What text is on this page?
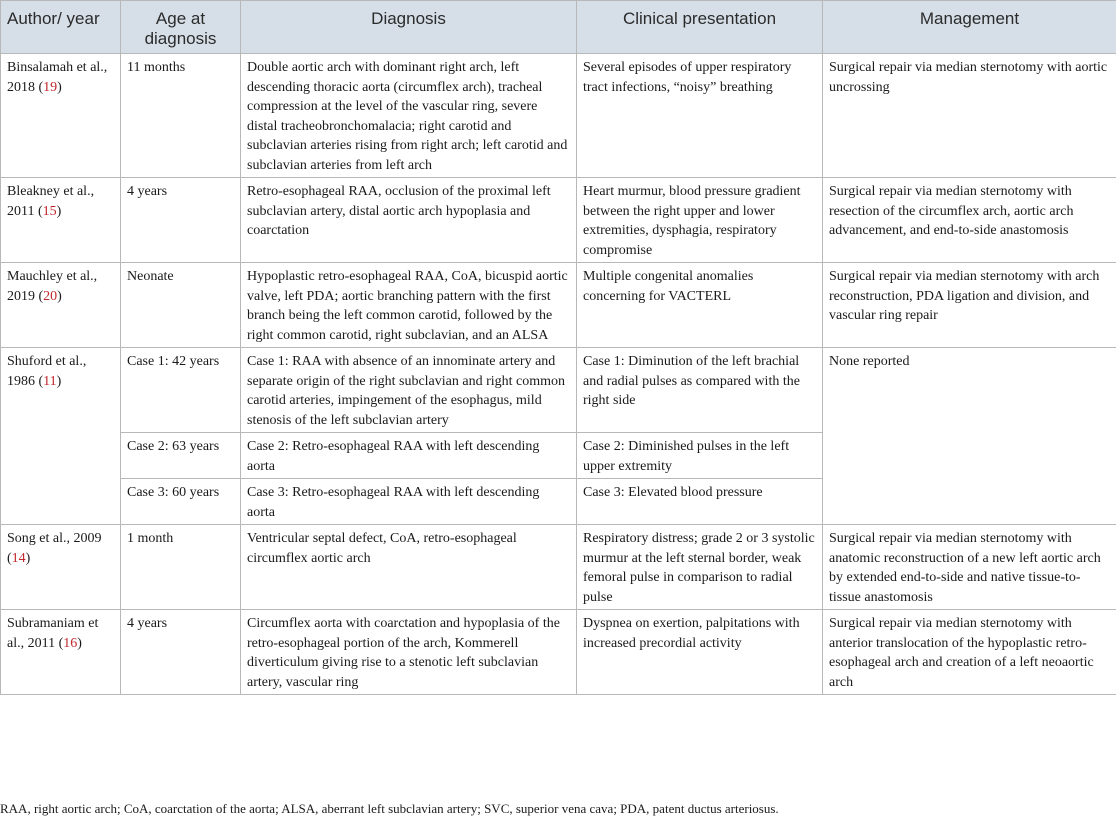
Author/ year	Age at diagnosis	Diagnosis	Clinical presentation	Management
Binsalamah et al., 2018 (19)	11 months	Double aortic arch with dominant right arch, left descending thoracic aorta (circumflex arch), tracheal compression at the level of the vascular ring, severe distal tracheobronchomalacia; right carotid and subclavian arteries rising from right arch; left carotid and subclavian arteries from left arch	Several episodes of upper respiratory tract infections, “noisy” breathing	Surgical repair via median sternotomy with aortic uncrossing
Bleakney et al., 2011 (15)	4 years	Retro-esophageal RAA, occlusion of the proximal left subclavian artery, distal aortic arch hypoplasia and coarctation	Heart murmur, blood pressure gradient between the right upper and lower extremities, dysphagia, respiratory compromise	Surgical repair via median sternotomy with resection of the circumflex arch, aortic arch advancement, and end-to-side anastomosis
Mauchley et al., 2019 (20)	Neonate	Hypoplastic retro-esophageal RAA, CoA, bicuspid aortic valve, left PDA; aortic branching pattern with the first branch being the left common carotid, followed by the right common carotid, right subclavian, and an ALSA	Multiple congenital anomalies concerning for VACTERL	Surgical repair via median sternotomy with arch reconstruction, PDA ligation and division, and vascular ring repair
Shuford et al., 1986 (11)	Case 1: 42 years	Case 1: RAA with absence of an innominate artery and separate origin of the right subclavian and right common carotid arteries, impingement of the esophagus, mild stenosis of the left subclavian artery	Case 1: Diminution of the left brachial and radial pulses as compared with the right side	None reported
	Case 2: 63 years	Case 2: Retro-esophageal RAA with left descending aorta	Case 2: Diminished pulses in the left upper extremity	
	Case 3: 60 years	Case 3: Retro-esophageal RAA with left descending aorta	Case 3: Elevated blood pressure	
Song et al., 2009 (14)	1 month	Ventricular septal defect, CoA, retro-esophageal circumflex aortic arch	Respiratory distress; grade 2 or 3 systolic murmur at the left sternal border, weak femoral pulse in comparison to radial pulse	Surgical repair via median sternotomy with anatomic reconstruction of a new left aortic arch by extended end-to-side and native tissue-to-tissue anastomosis
Subramaniam et al., 2011 (16)	4 years	Circumflex aorta with coarctation and hypoplasia of the retro-esophageal portion of the arch, Kommerell diverticulum giving rise to a stenotic left subclavian artery, vascular ring	Dyspnea on exertion, palpitations with increased precordial activity	Surgical repair via median sternotomy with anterior translocation of the hypoplastic retro-esophageal arch and creation of a left neoaortic arch
RAA, right aortic arch; CoA, coarctation of the aorta; ALSA, aberrant left subclavian artery; SVC, superior vena cava; PDA, patent ductus arteriosus.
